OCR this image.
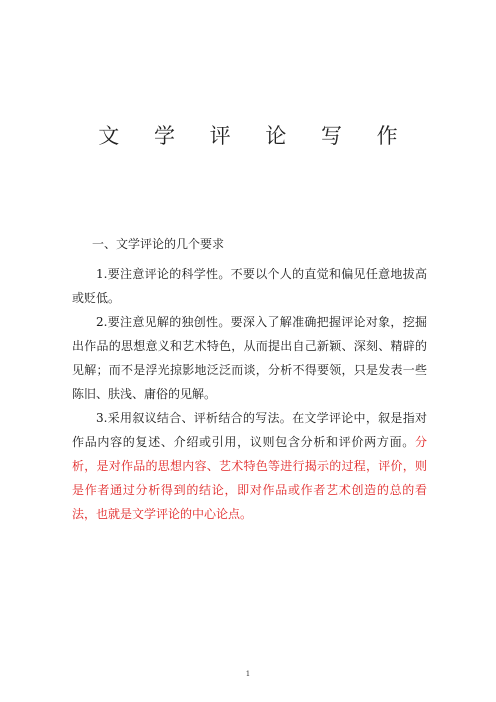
文 学 评 论 写 作
一、文学评论的几个要求

1.要注意评论的科学性。不要以个人的直觉和偏见任意地拔高或贬低。

2.要注意见解的独创性。要深入了解准确把握评论对象，挖掘出作品的思想意义和艺术特色，从而提出自己新颖、深刻、精辟的见解；而不是浮光掠影地泛泛而谈，分析不得要领，只是发表一些陈旧、肤浅、庸俗的见解。

3.采用叙议结合、评析结合的写法。在文学评论中，叙是指对作品内容的复述、介绍或引用，议则包含分析和评价两方面。分析，是对作品的思想内容、艺术特色等进行揭示的过程，评价，则是作者通过分析得到的结论，即对作品或作者艺术创造的总的看法，也就是文学评论的中心论点。

1
